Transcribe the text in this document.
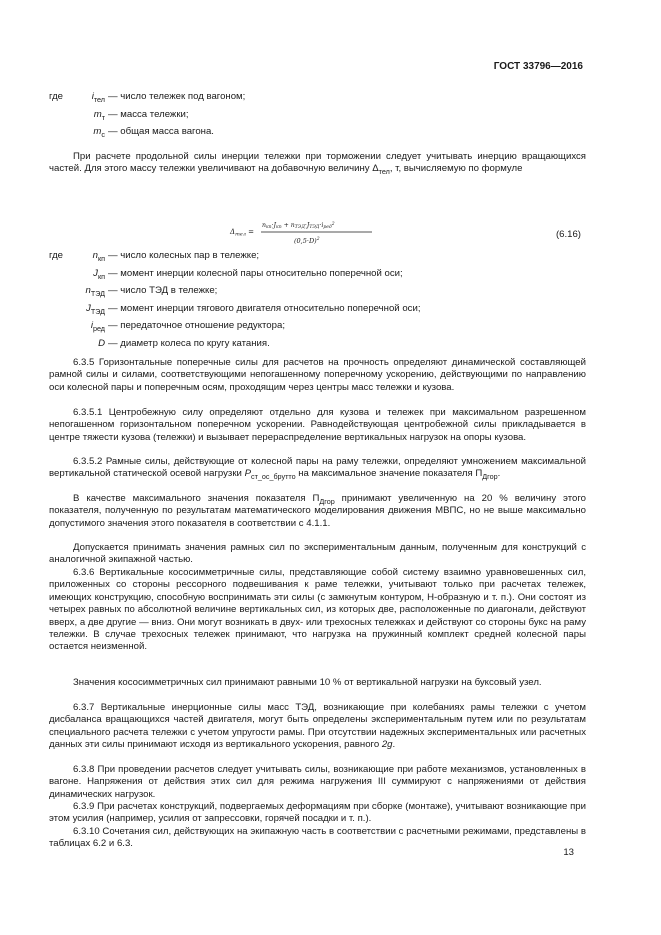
ГОСТ 33796—2016
где	$i_{тел}$ — число тележек под вагоном;
$m_т$ — масса тележки;
$m_с$ — общая масса вагона.
При расчете продольной силы инерции тележки при торможении следует учитывать инерцию вращающихся частей. Для этого массу тележки увеличивают на добавочную величину $\Delta_{тел}$, т, вычисляемую по формуле
$\Delta_{тел}$ =
nкп·Jкп + nТЭД·JТЭД·iред$^2$
$(0,5\cdot D)^2$	(6.16)
где	$n_{кп}$ — число колесных пар в тележке;
$J_{кп}$ — момент инерции колесной пары относительно поперечной оси;
$n_{ТЭД}$ — число ТЭД в тележке;
$J_{ТЭД}$ — момент инерции тягового двигателя относительно поперечной оси;
$i_{ред}$ — передаточное отношение редуктора;
D — диаметр колеса по кругу катания.
6.3.5 Горизонтальные поперечные силы для расчетов на прочность определяют динамической составляющей рамной силы и силами, соответствующими непогашенному поперечному ускорению, действующими по направлению оси колесной пары и поперечным осям, проходящим через центры масс тележки и кузова.
6.3.5.1 Центробежную силу определяют отдельно для кузова и тележек при максимальном разрешенном непогашенном горизонтальном поперечном ускорении. Равнодействующая центробежной силы прикладывается в центре тяжести кузова (тележки) и вызывает перераспределение вертикальных нагрузок на опоры кузова.
6.3.5.2 Рамные силы, действующие от колесной пары на раму тележки, определяют умножением максимальной вертикальной статической осевой нагрузки $P_{ст\_ос\_брутто}$ на максимальное значение показателя $П_{Дгор}$.
В качестве максимального значения показателя $П_{Дгор}$ принимают увеличенную на 20 % величину этого показателя, полученную по результатам математического моделирования движения МВПС, но не выше максимально допустимого значения этого показателя в соответствии с 4.1.1.
Допускается принимать значения рамных сил по экспериментальным данным, полученным для конструкций с аналогичной экипажной частью.
6.3.6 Вертикальные кососимметричные силы, представляющие собой систему взаимно уравновешенных сил, приложенных со стороны рессорного подвешивания к раме тележки, учитывают только при расчетах тележек, имеющих конструкцию, способную воспринимать эти силы (с замкнутым контуром, Н-образную и т. п.). Они состоят из четырех равных по абсолютной величине вертикальных сил, из которых две, расположенные по диагонали, действуют вверх, а две другие — вниз. Они могут возникать в двух- или трехосных тележках и действуют со стороны букс на раму тележки. В случае трехосных тележек принимают, что нагрузка на пружинный комплект средней колесной пары остается неизменной.
Значения кососимметричных сил принимают равными 10 % от вертикальной нагрузки на буксовый узел.
6.3.7 Вертикальные инерционные силы масс ТЭД, возникающие при колебаниях рамы тележки с учетом дисбаланса вращающихся частей двигателя, могут быть определены экспериментальным путем или по результатам специального расчета тележки с учетом упругости рамы. При отсутствии надежных экспериментальных или расчетных данных эти силы принимают исходя из вертикального ускорения, равного 2g.
6.3.8 При проведении расчетов следует учитывать силы, возникающие при работе механизмов, установленных в вагоне. Напряжения от действия этих сил для режима нагружения III суммируют с напряжениями от действия динамических нагрузок.
6.3.9 При расчетах конструкций, подвергаемых деформациям при сборке (монтаже), учитывают возникающие при этом усилия (например, усилия от запрессовки, горячей посадки и т. п.).
6.3.10 Сочетания сил, действующих на экипажную часть в соответствии с расчетными режимами, представлены в таблицах 6.2 и 6.3.
13
